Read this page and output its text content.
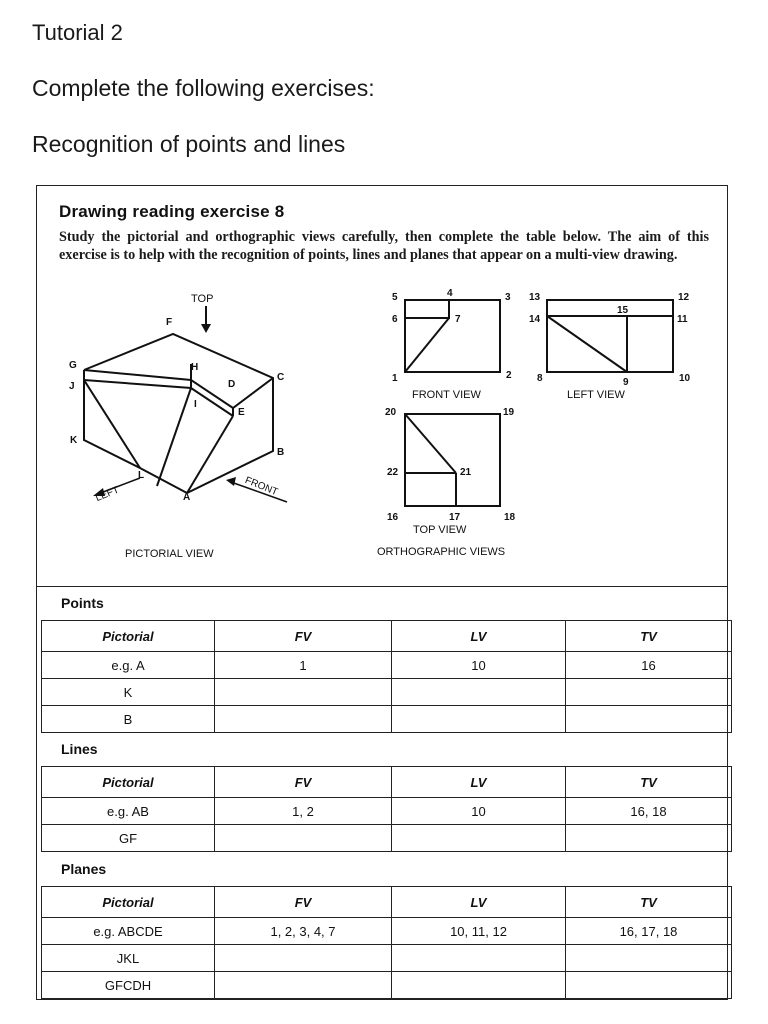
Tutorial 2
Complete the following exercises:
Recognition of points and lines
Drawing reading exercise 8
Study the pictorial and orthographic views carefully, then complete the table below. The aim of this exercise is to help with the recognition of points, lines and planes that appear on a multi-view drawing.
TOP
LEFT	FRONT
A
B
C
D
E
F
G	H
I
J
K
L
PICTORIAL VIEW
2
1
3
4
5
6	7
FRONT VIEW
8	9	10
11
12
13
14
15
LEFT VIEW
16	17	18
19
20
21
22
TOP VIEW
ORTHOGRAPHIC VIEWS
Points
Pictorial	FV	LV	TV
e.g. A	1	10	16
K			
B			
Lines
Pictorial	FV	LV	TV
e.g. AB	1, 2	10	16, 18
GF			
Planes
Pictorial	FV	LV	TV
e.g. ABCDE	1, 2, 3, 4, 7	10, 11, 12	16, 17, 18
JKL			
GFCDH			
